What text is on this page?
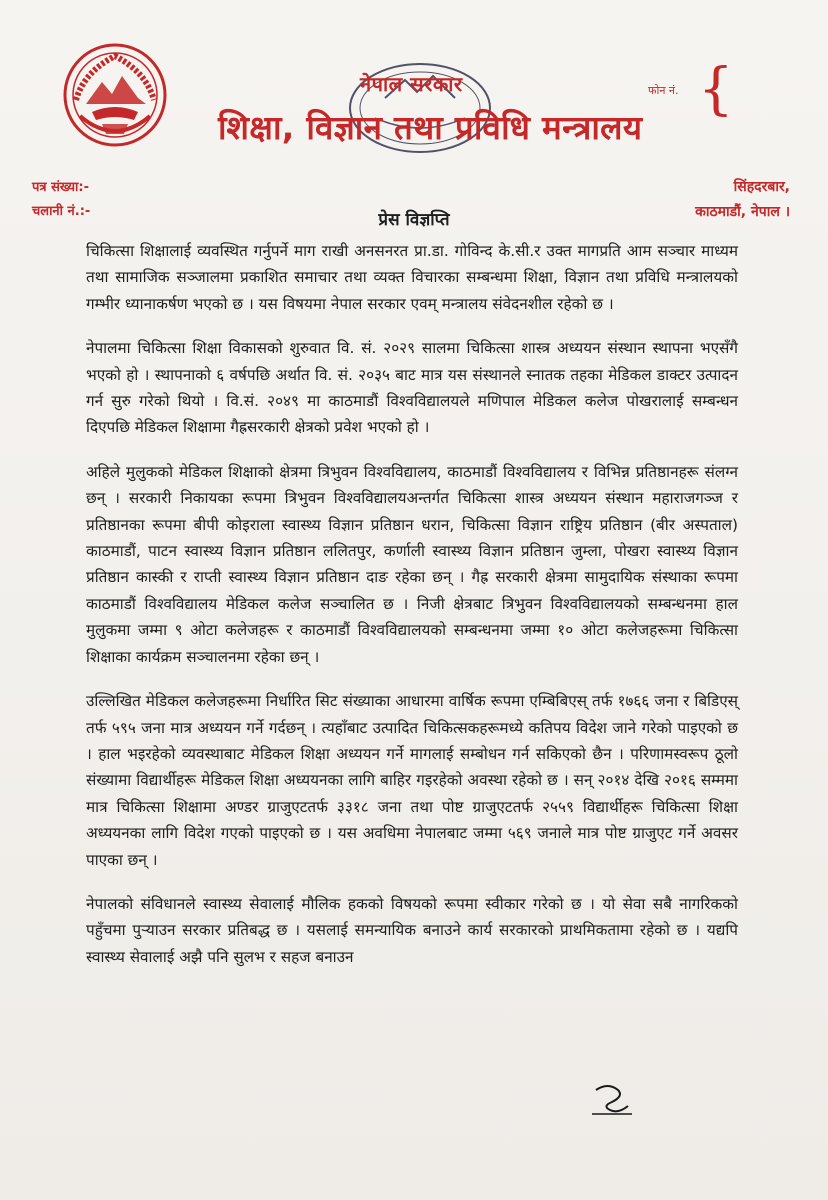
नेपाल सरकार
शिक्षा, विज्ञान तथा प्रविधि मन्त्रालय
फोन नं. {
पत्र संख्या:-
चलानी नं.:-
सिंहदरबार,
काठमाडौं, नेपाल ।
प्रेस विज्ञप्ति

चिकित्सा शिक्षालाई व्यवस्थित गर्नुपर्ने माग राखी अनसनरत प्रा.डा. गोविन्द के.सी.र उक्त मागप्रति आम सञ्चार माध्यम तथा सामाजिक सञ्जालमा प्रकाशित समाचार तथा व्यक्त विचारका सम्बन्धमा शिक्षा, विज्ञान तथा प्रविधि मन्त्रालयको गम्भीर ध्यानाकर्षण भएको छ । यस विषयमा नेपाल सरकार एवम् मन्त्रालय संवेदनशील रहेको छ ।

नेपालमा चिकित्सा शिक्षा विकासको शुरुवात वि. सं. २०२९ सालमा चिकित्सा शास्त्र अध्ययन संस्थान स्थापना भएसँगै भएको हो । स्थापनाको ६ वर्षपछि अर्थात वि. सं. २०३५ बाट मात्र यस संस्थानले स्नातक तहका मेडिकल डाक्टर उत्पादन गर्न सुरु गरेको थियो । वि.सं. २०४९ मा काठमाडौं विश्वविद्यालयले मणिपाल मेडिकल कलेज पोखरालाई सम्बन्धन दिएपछि मेडिकल शिक्षामा गैह्रसरकारी क्षेत्रको प्रवेश भएको हो ।

अहिले मुलुकको मेडिकल शिक्षाको क्षेत्रमा त्रिभुवन विश्वविद्यालय, काठमाडौं विश्वविद्यालय र विभिन्न प्रतिष्ठानहरू संलग्न छन् । सरकारी निकायका रूपमा त्रिभुवन विश्वविद्यालयअन्तर्गत चिकित्सा शास्त्र अध्ययन संस्थान महाराजगञ्ज र प्रतिष्ठानका रूपमा बीपी कोइराला स्वास्थ्य विज्ञान प्रतिष्ठान धरान, चिकित्सा विज्ञान राष्ट्रिय प्रतिष्ठान (बीर अस्पताल) काठमाडौं, पाटन स्वास्थ्य विज्ञान प्रतिष्ठान ललितपुर, कर्णाली स्वास्थ्य विज्ञान प्रतिष्ठान जुम्ला, पोखरा स्वास्थ्य विज्ञान प्रतिष्ठान कास्की र राप्ती स्वास्थ्य विज्ञान प्रतिष्ठान दाङ रहेका छन् । गैह्र सरकारी क्षेत्रमा सामुदायिक संस्थाका रूपमा काठमाडौं विश्वविद्यालय मेडिकल कलेज सञ्चालित छ । निजी क्षेत्रबाट त्रिभुवन विश्वविद्यालयको सम्बन्धनमा हाल मुलुकमा जम्मा ९ ओटा कलेजहरू र काठमाडौं विश्वविद्यालयको सम्बन्धनमा जम्मा १० ओटा कलेजहरूमा चिकित्सा शिक्षाका कार्यक्रम सञ्चालनमा रहेका छन् ।

उल्लिखित मेडिकल कलेजहरूमा निर्धारित सिट संख्याका आधारमा वार्षिक रूपमा एम्बिबिएस् तर्फ १७६६ जना र बिडिएस् तर्फ ५९५ जना मात्र अध्ययन गर्ने गर्दछन् । त्यहाँबाट उत्पादित चिकित्सकहरूमध्ये कतिपय विदेश जाने गरेको पाइएको छ । हाल भइरहेको व्यवस्थाबाट मेडिकल शिक्षा अध्ययन गर्ने मागलाई सम्बोधन गर्न सकिएको छैन । परिणामस्वरूप ठूलो संख्यामा विद्यार्थीहरू मेडिकल शिक्षा अध्ययनका लागि बाहिर गइरहेको अवस्था रहेको छ । सन् २०१४ देखि २०१६ सम्ममा मात्र चिकित्सा शिक्षामा अण्डर ग्राजुएटतर्फ ३३१८ जना तथा पोष्ट ग्राजुएटतर्फ २५५९ विद्यार्थीहरू चिकित्सा शिक्षा अध्ययनका लागि विदेश गएको पाइएको छ । यस अवधिमा नेपालबाट जम्मा ५६९ जनाले मात्र पोष्ट ग्राजुएट गर्ने अवसर पाएका छन् ।

नेपालको संविधानले स्वास्थ्य सेवालाई मौलिक हकको विषयको रूपमा स्वीकार गरेको छ । यो सेवा सबै नागरिकको पहुँचमा पुऱ्याउन सरकार प्रतिबद्ध छ । यसलाई समन्यायिक बनाउने कार्य सरकारको प्राथमिकतामा रहेको छ । यद्यपि स्वास्थ्य सेवालाई अझै पनि सुलभ र सहज बनाउन
